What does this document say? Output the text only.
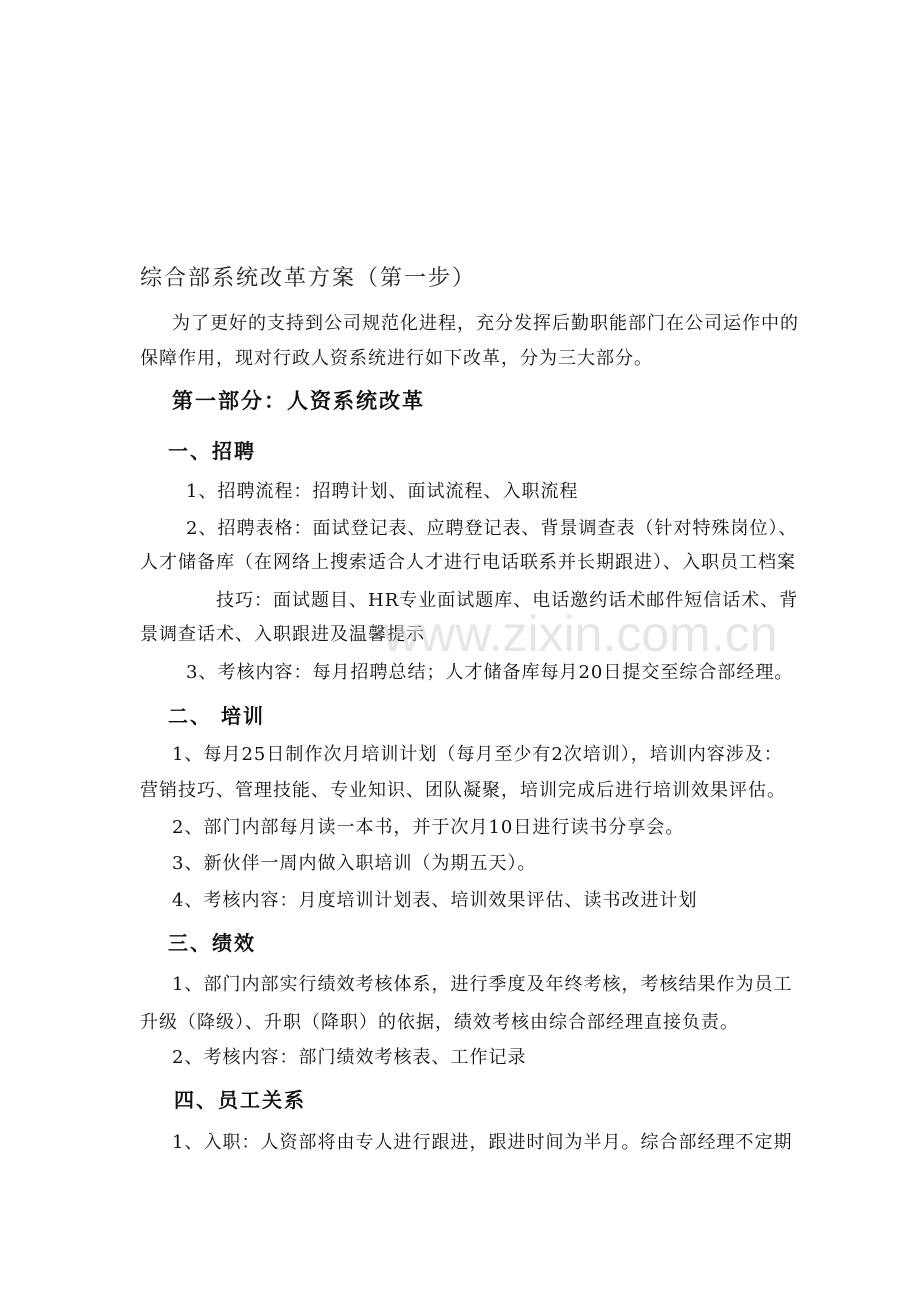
综合部系统改革方案（第一步）
为了更好的支持到公司规范化进程，充分发挥后勤职能部门在公司运作中的
保障作用，现对行政人资系统进行如下改革，分为三大部分。
第一部分：人资系统改革
一、招聘
1、招聘流程：招聘计划、面试流程、入职流程
2、招聘表格：面试登记表、应聘登记表、背景调查表（针对特殊岗位）、
人才储备库（在网络上搜索适合人才进行电话联系并长期跟进）、入职员工档案
技巧：面试题目、HR专业面试题库、电话邀约话术邮件短信话术、背
景调查话术、入职跟进及温馨提示
3、考核内容：每月招聘总结；人才储备库每月20日提交至综合部经理。
二、 培训
1、每月25日制作次月培训计划（每月至少有2次培训），培训内容涉及：
营销技巧、管理技能、专业知识、团队凝聚，培训完成后进行培训效果评估。
2、部门内部每月读一本书，并于次月10日进行读书分享会。
3、新伙伴一周内做入职培训（为期五天）。
4、考核内容：月度培训计划表、培训效果评估、读书改进计划
三、绩效
1、部门内部实行绩效考核体系，进行季度及年终考核，考核结果作为员工
升级（降级）、升职（降职）的依据，绩效考核由综合部经理直接负责。
2、考核内容：部门绩效考核表、工作记录
四、员工关系
1、入职：人资部将由专人进行跟进，跟进时间为半月。综合部经理不定期
www.zixin.com.cn
